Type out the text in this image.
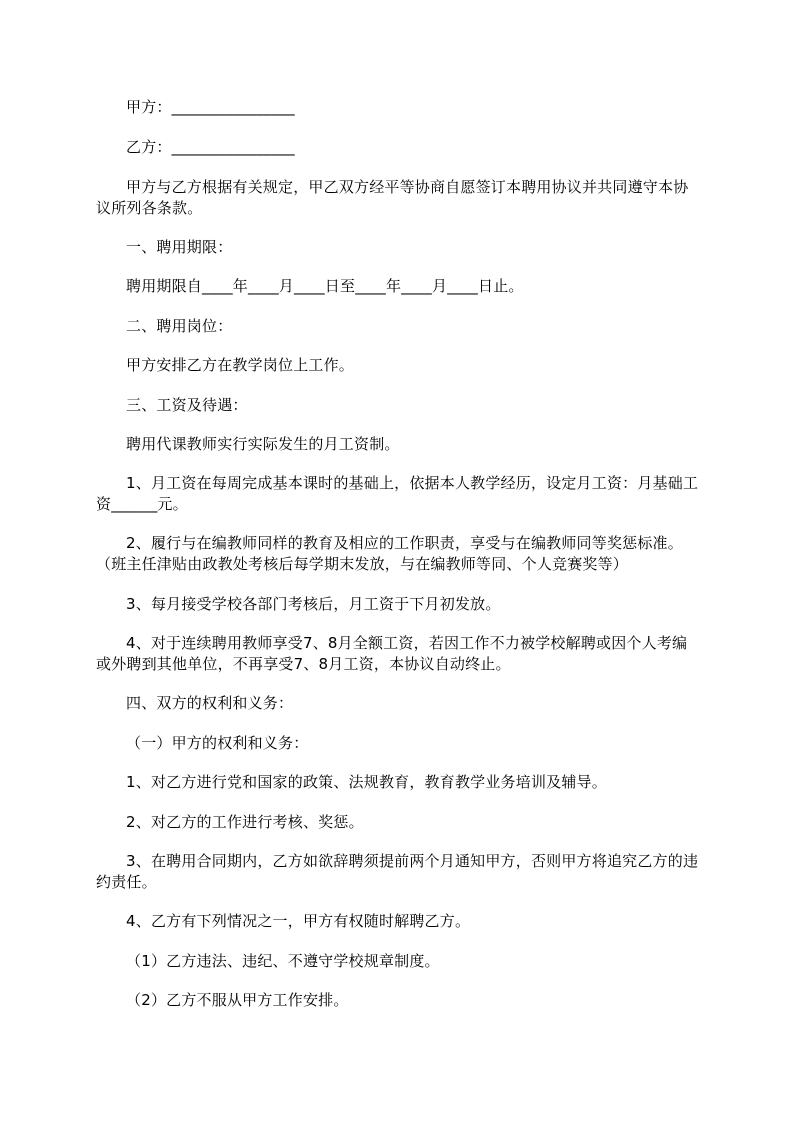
甲方：________________
乙方：________________
甲方与乙方根据有关规定，甲乙双方经平等协商自愿签订本聘用协议并共同遵守本协议所列各条款。
一、聘用期限：
聘用期限自____年____月____日至____年____月____日止。
二、聘用岗位：
甲方安排乙方在教学岗位上工作。
三、工资及待遇：
聘用代课教师实行实际发生的月工资制。
1、月工资在每周完成基本课时的基础上，依据本人教学经历，设定月工资：月基础工资______元。
2、履行与在编教师同样的教育及相应的工作职责，享受与在编教师同等奖惩标准。（班主任津贴由政教处考核后每学期末发放，与在编教师等同、个人竞赛奖等）
3、每月接受学校各部门考核后，月工资于下月初发放。
4、对于连续聘用教师享受7、8月全额工资，若因工作不力被学校解聘或因个人考编或外聘到其他单位，不再享受7、8月工资，本协议自动终止。
四、双方的权利和义务：
（一）甲方的权利和义务：
1、对乙方进行党和国家的政策、法规教育，教育教学业务培训及辅导。
2、对乙方的工作进行考核、奖惩。
3、在聘用合同期内，乙方如欲辞聘须提前两个月通知甲方，否则甲方将追究乙方的违约责任。
4、乙方有下列情况之一，甲方有权随时解聘乙方。
（1）乙方违法、违纪、不遵守学校规章制度。
（2）乙方不服从甲方工作安排。
